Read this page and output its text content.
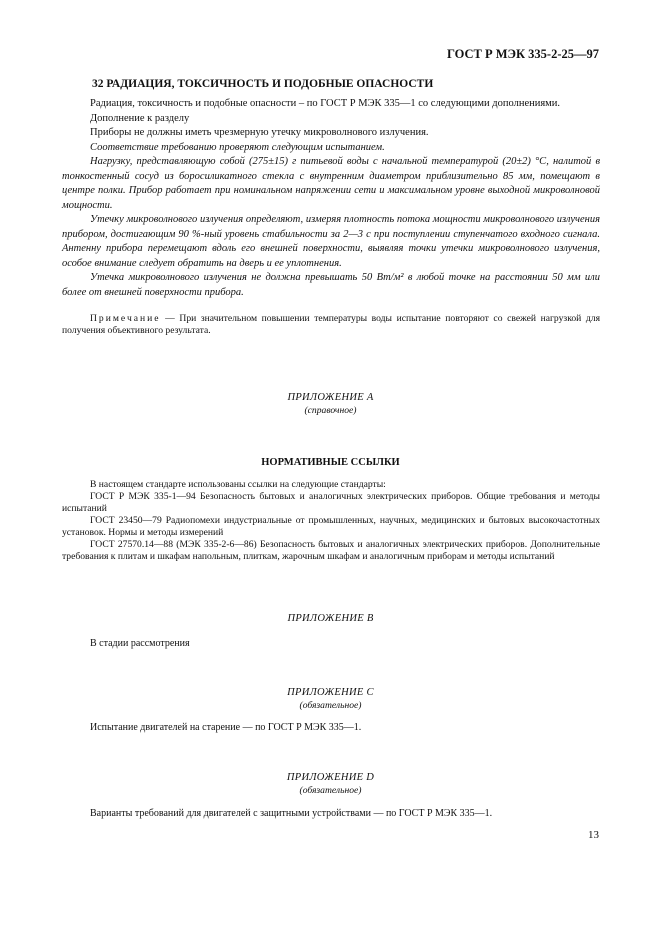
ГОСТ Р МЭК 335-2-25—97
32 РАДИАЦИЯ, ТОКСИЧНОСТЬ И ПОДОБНЫЕ ОПАСНОСТИ

Радиация, токсичность и подобные опасности – по ГОСТ Р МЭК 335—1 со следующими дополнениями.

Дополнение к разделу

Приборы не должны иметь чрезмерную утечку микроволнового излучения.

Соответствие требованию проверяют следующим испытанием.

Нагрузку, представляющую собой (275±15) г питьевой воды с начальной температурой (20±2) °С, налитой в тонкостенный сосуд из боросиликатного стекла с внутренним диаметром приблизительно 85 мм, помещают в центре полки. Прибор работает при номинальном напряжении сети и максимальном уровне выходной микроволновой мощности.

Утечку микроволнового излучения определяют, измеряя плотность потока мощности микроволнового излучения прибором, достигающим 90 %-ный уровень стабильности за 2—3 с при поступлении ступенчатого входного сигнала. Антенну прибора перемещают вдоль его внешней поверхности, выявляя точки утечки микроволнового излучения, особое внимание следует обратить на дверь и ее уплотнения.

Утечка микроволнового излучения не должна превышать 50 Вт/м² в любой точке на расстоянии 50 мм или более от внешней поверхности прибора.

Примечание — При значительном повышении температуры воды испытание повторяют со свежей нагрузкой для получения объективного результата.

ПРИЛОЖЕНИЕ А
(справочное)
НОРМАТИВНЫЕ ССЫЛКИ

В настоящем стандарте использованы ссылки на следующие стандарты:

ГОСТ Р МЭК 335-1—94 Безопасность бытовых и аналогичных электрических приборов. Общие требования и методы испытаний

ГОСТ 23450—79 Радиопомехи индустриальные от промышленных, научных, медицинских и бытовых высокочастотных установок. Нормы и методы измерений

ГОСТ 27570.14—88 (МЭК 335-2-6—86) Безопасность бытовых и аналогичных электрических приборов. Дополнительные требования к плитам и шкафам напольным, плиткам, жарочным шкафам и аналогичным приборам и методы испытаний

ПРИЛОЖЕНИЕ В
В стадии рассмотрения
ПРИЛОЖЕНИЕ С
(обязательное)
Испытание двигателей на старение — по ГОСТ Р МЭК 335—1.
ПРИЛОЖЕНИЕ D
(обязательное)
Варианты требований для двигателей с защитными устройствами — по ГОСТ Р МЭК 335—1.
13
